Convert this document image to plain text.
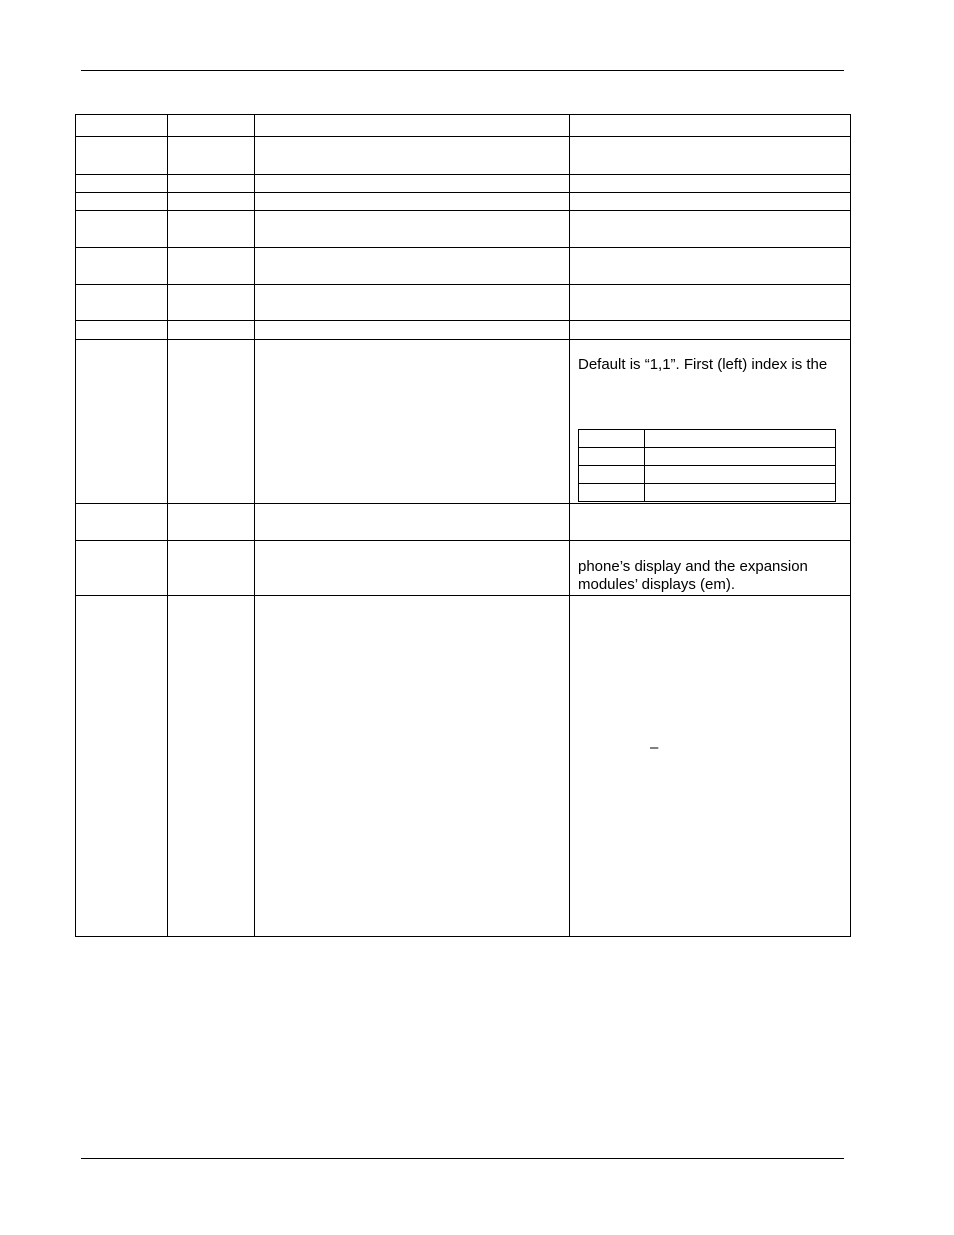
Default is “1,1”. First (left) index is the

phone’s display and the expansion
modules’ displays (em).

–
